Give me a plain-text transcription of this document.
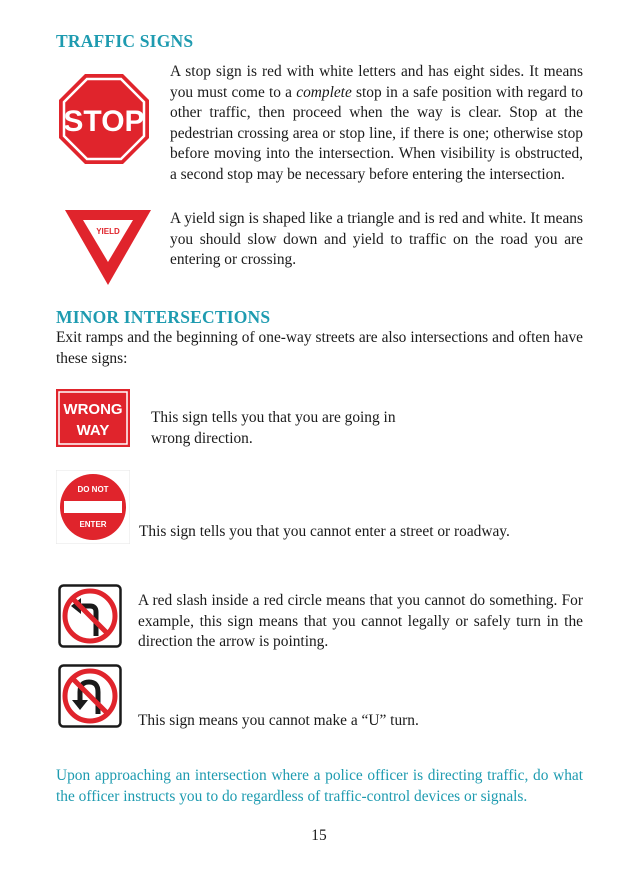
TRAFFIC SIGNS
STOP
A stop sign is red with white letters and has eight sides. It means you must come to a complete stop in a safe position with regard to other traffic, then proceed when the way is clear. Stop at the pedestrian crossing area or stop line, if there is one; otherwise stop before moving into the intersection. When visibility is obstructed, a second stop may be necessary before entering the intersection.
YIELD
A yield sign is shaped like a triangle and is red and white. It means you should slow down and yield to traffic on the road you are entering or crossing.
MINOR INTERSECTIONS
Exit ramps and the beginning of one-way streets are also intersections and often have these signs:
WRONG
WAY
This sign tells you that you are going in wrong direction.
DO NOT
ENTER This sign tells you that you cannot enter a street or roadway.
A red slash inside a red circle means that you cannot do something. For example, this sign means that you cannot legally or safely turn in the direction the arrow is pointing.
This sign means you cannot make a “U” turn.
Upon approaching an intersection where a police officer is directing traffic, do what the officer instructs you to do regardless of traffic-control devices or signals.
15
